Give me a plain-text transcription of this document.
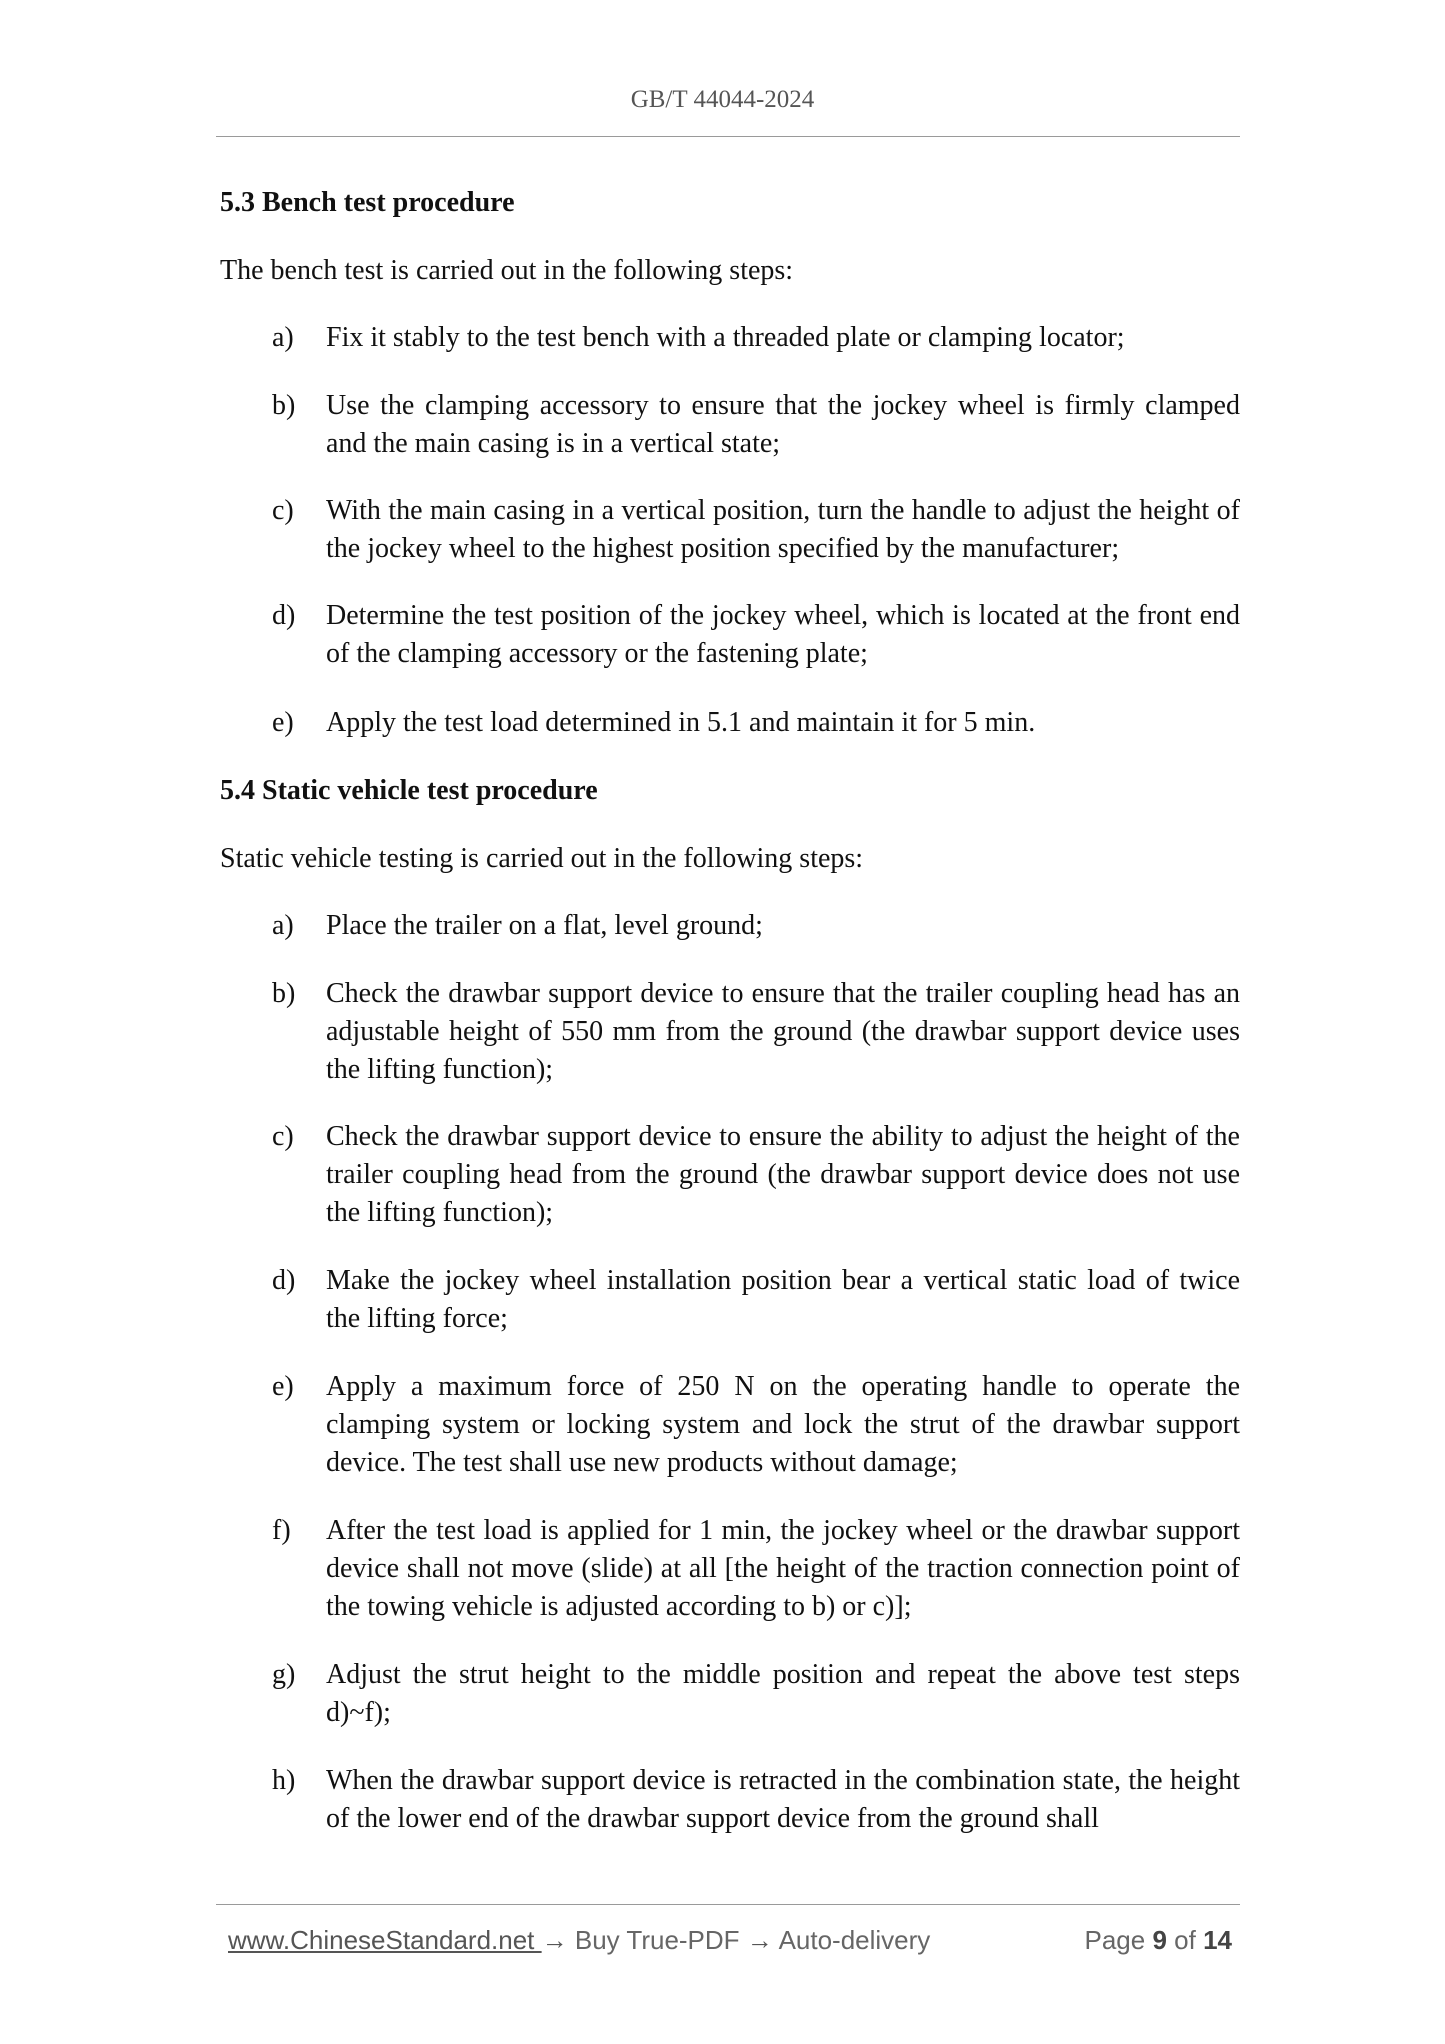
GB/T 44044-2024
5.3 Bench test procedure
The bench test is carried out in the following steps:
a)	Fix it stably to the test bench with a threaded plate or clamping locator;
b)	Use the clamping accessory to ensure that the jockey wheel is firmly clamped and the main casing is in a vertical state;
c)	With the main casing in a vertical position, turn the handle to adjust the height of the jockey wheel to the highest position specified by the manufacturer;
d)	Determine the test position of the jockey wheel, which is located at the front end of the clamping accessory or the fastening plate;
e)	Apply the test load determined in 5.1 and maintain it for 5 min.
5.4 Static vehicle test procedure
Static vehicle testing is carried out in the following steps:
a)	Place the trailer on a flat, level ground;
b)	Check the drawbar support device to ensure that the trailer coupling head has an adjustable height of 550 mm from the ground (the drawbar support device uses the lifting function);
c)	Check the drawbar support device to ensure the ability to adjust the height of the trailer coupling head from the ground (the drawbar support device does not use the lifting function);
d)	Make the jockey wheel installation position bear a vertical static load of twice the lifting force;
e)	Apply a maximum force of 250 N on the operating handle to operate the clamping system or locking system and lock the strut of the drawbar support device. The test shall use new products without damage;
f)	After the test load is applied for 1 min, the jockey wheel or the drawbar support device shall not move (slide) at all [the height of the traction connection point of the towing vehicle is adjusted according to b) or c)];
g)	Adjust the strut height to the middle position and repeat the above test steps d)~f);
h)	When the drawbar support device is retracted in the combination state, the height of the lower end of the drawbar support device from the ground shall
www.ChineseStandard.net → Buy True-PDF → Auto-delivery	Page 9 of 14
